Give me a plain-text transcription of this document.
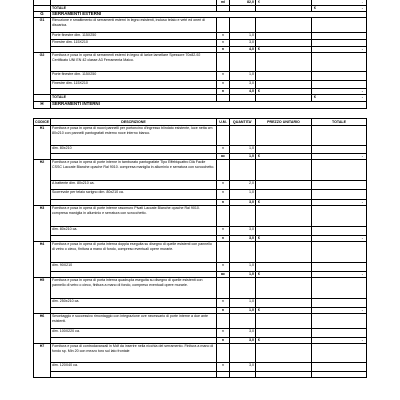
		ml	82,0	€	-

	TOTALE				€ -

G	SERRAMENTI ESTERNI				
G1	Rimozione e smaltimento di serramenti esterni in legno esistenti, incluso telaio e vetri ed oneri di discarica.				
	Porte finestre dim. 115X250	n	1,0		
	Finestre dim. 115X210	n	3,0		
		n	4,0	€	-

G2	Fornitura e posa in opera di serramenti esterni in legno di larice lamellare Spessore 70x82-92 Certificato UNI EN 42 classe A3 Ferramenta Maico.				
	Porte finestre dim. 115X250	n	1,0		
	Finestre dim. 115X210	n	3,0		
		n	4,0	€	-

	TOTALE				€ -

H	SERRAMENTI INTERNI				
CODICE	DESCRIZIONE	U.M.	QUANTITA'	PREZZO UNITARIO	TOTALE
H1	Fornitura e posa in opera di nuovi pannelli per portoncino d'ingresso blindato esistente, luce netta cm 80x210 con pannelli pantografati esterno noce interno bianco.				
	dim. 80x210	n	1,0		
		ac	1,0	€	-

H2	Fornitura e posa in opera di porte interne in tamburato pantografate Tipo Effebiquattro Dià Facile CSSC Laccate Bianche opache Ral 9010. compresa maniglia in alluminio e serratura con scrocchetto.				
	A battente dim. 80x210 ca.	n	2,0		
	Scorrevole per telaio scrigno dim. 80x210 ca.	n	1,0		
		n	3,0	€	-

H3	Fornitura e posa in opera di porte interne rasomuro Pivati Laccate Bianche opache Ral 9010. compresa maniglia in alluminio e serratura con scrocchetto.				
	dim. 80x210 ca.	n	3,0		
		n	3,0	€	-

H4	Fornitura e posa in opera di porta interna doppia eseguita su disegno di quelle esistenti con pannello di vetro o cieco, finitura a mano di fondo, compreso eventuali opere murarie.				
	dim. 90X210	n	1,0		
		ac	1,0	€	-

H5	Fornitura e posa in opera di porta interna quadrupla eseguita su disegno di quelle esistenti con pannello di vetro o cieco, finitura a mano di fondo, compreso eventuali opere murarie.				
	dim. 250x210 ca.	n	1,0		
		n	1,0	€	-

H6	Smontaggio e successivo rimontaggio con integrazione ove necessario di porte interne a due ante esistenti.				
	dim. 100X220 ca.	n	3,0		
		n	3,0	€	-

H7	Fornitura e posa di controdavanzali in Mdf da inserire nella nicchia del serramento. Finitura a mano di fondo sp. Min 20 con mezzo toro sul lato frontale				
	dim. 120X40 ca.	n	3,0		
